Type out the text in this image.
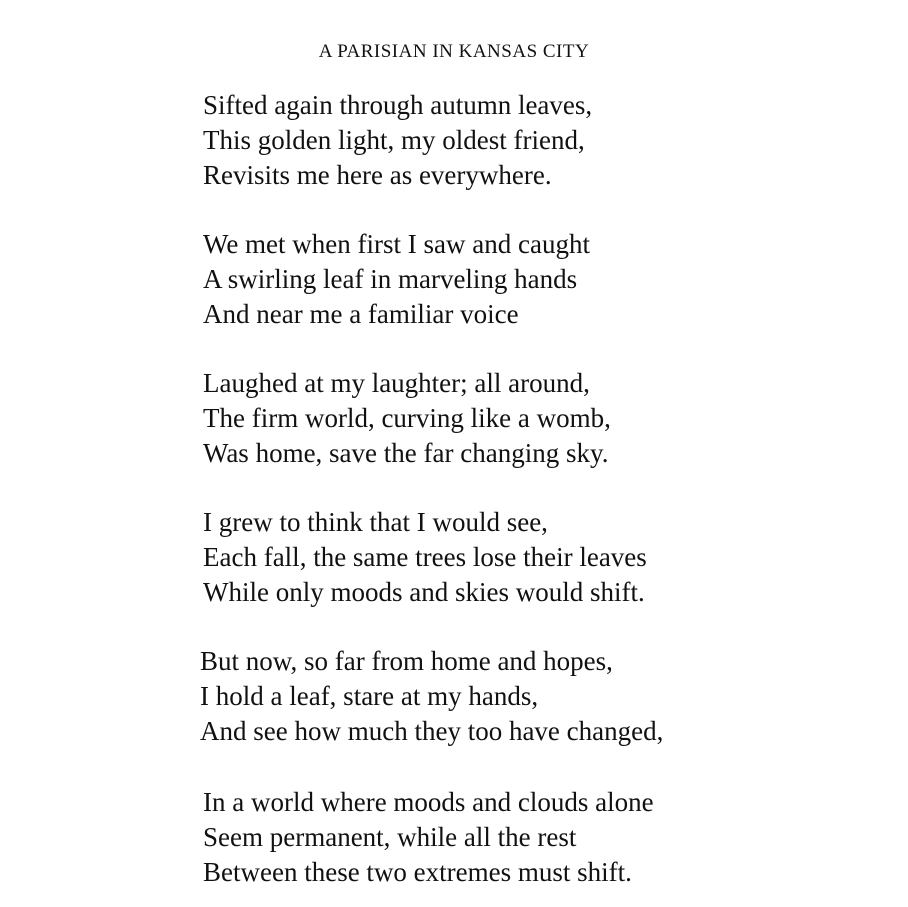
A PARISIAN IN KANSAS CITY
Sifted again through autumn leaves,
This golden light, my oldest friend,
Revisits me here as everywhere.
We met when first I saw and caught
A swirling leaf in marveling hands
And near me a familiar voice
Laughed at my laughter; all around,
The firm world, curving like a womb,
Was home, save the far changing sky.
I grew to think that I would see,
Each fall, the same trees lose their leaves
While only moods and skies would shift.
But now, so far from home and hopes,
I hold a leaf, stare at my hands,
And see how much they too have changed,
In a world where moods and clouds alone
Seem permanent, while all the rest
Between these two extremes must shift.
